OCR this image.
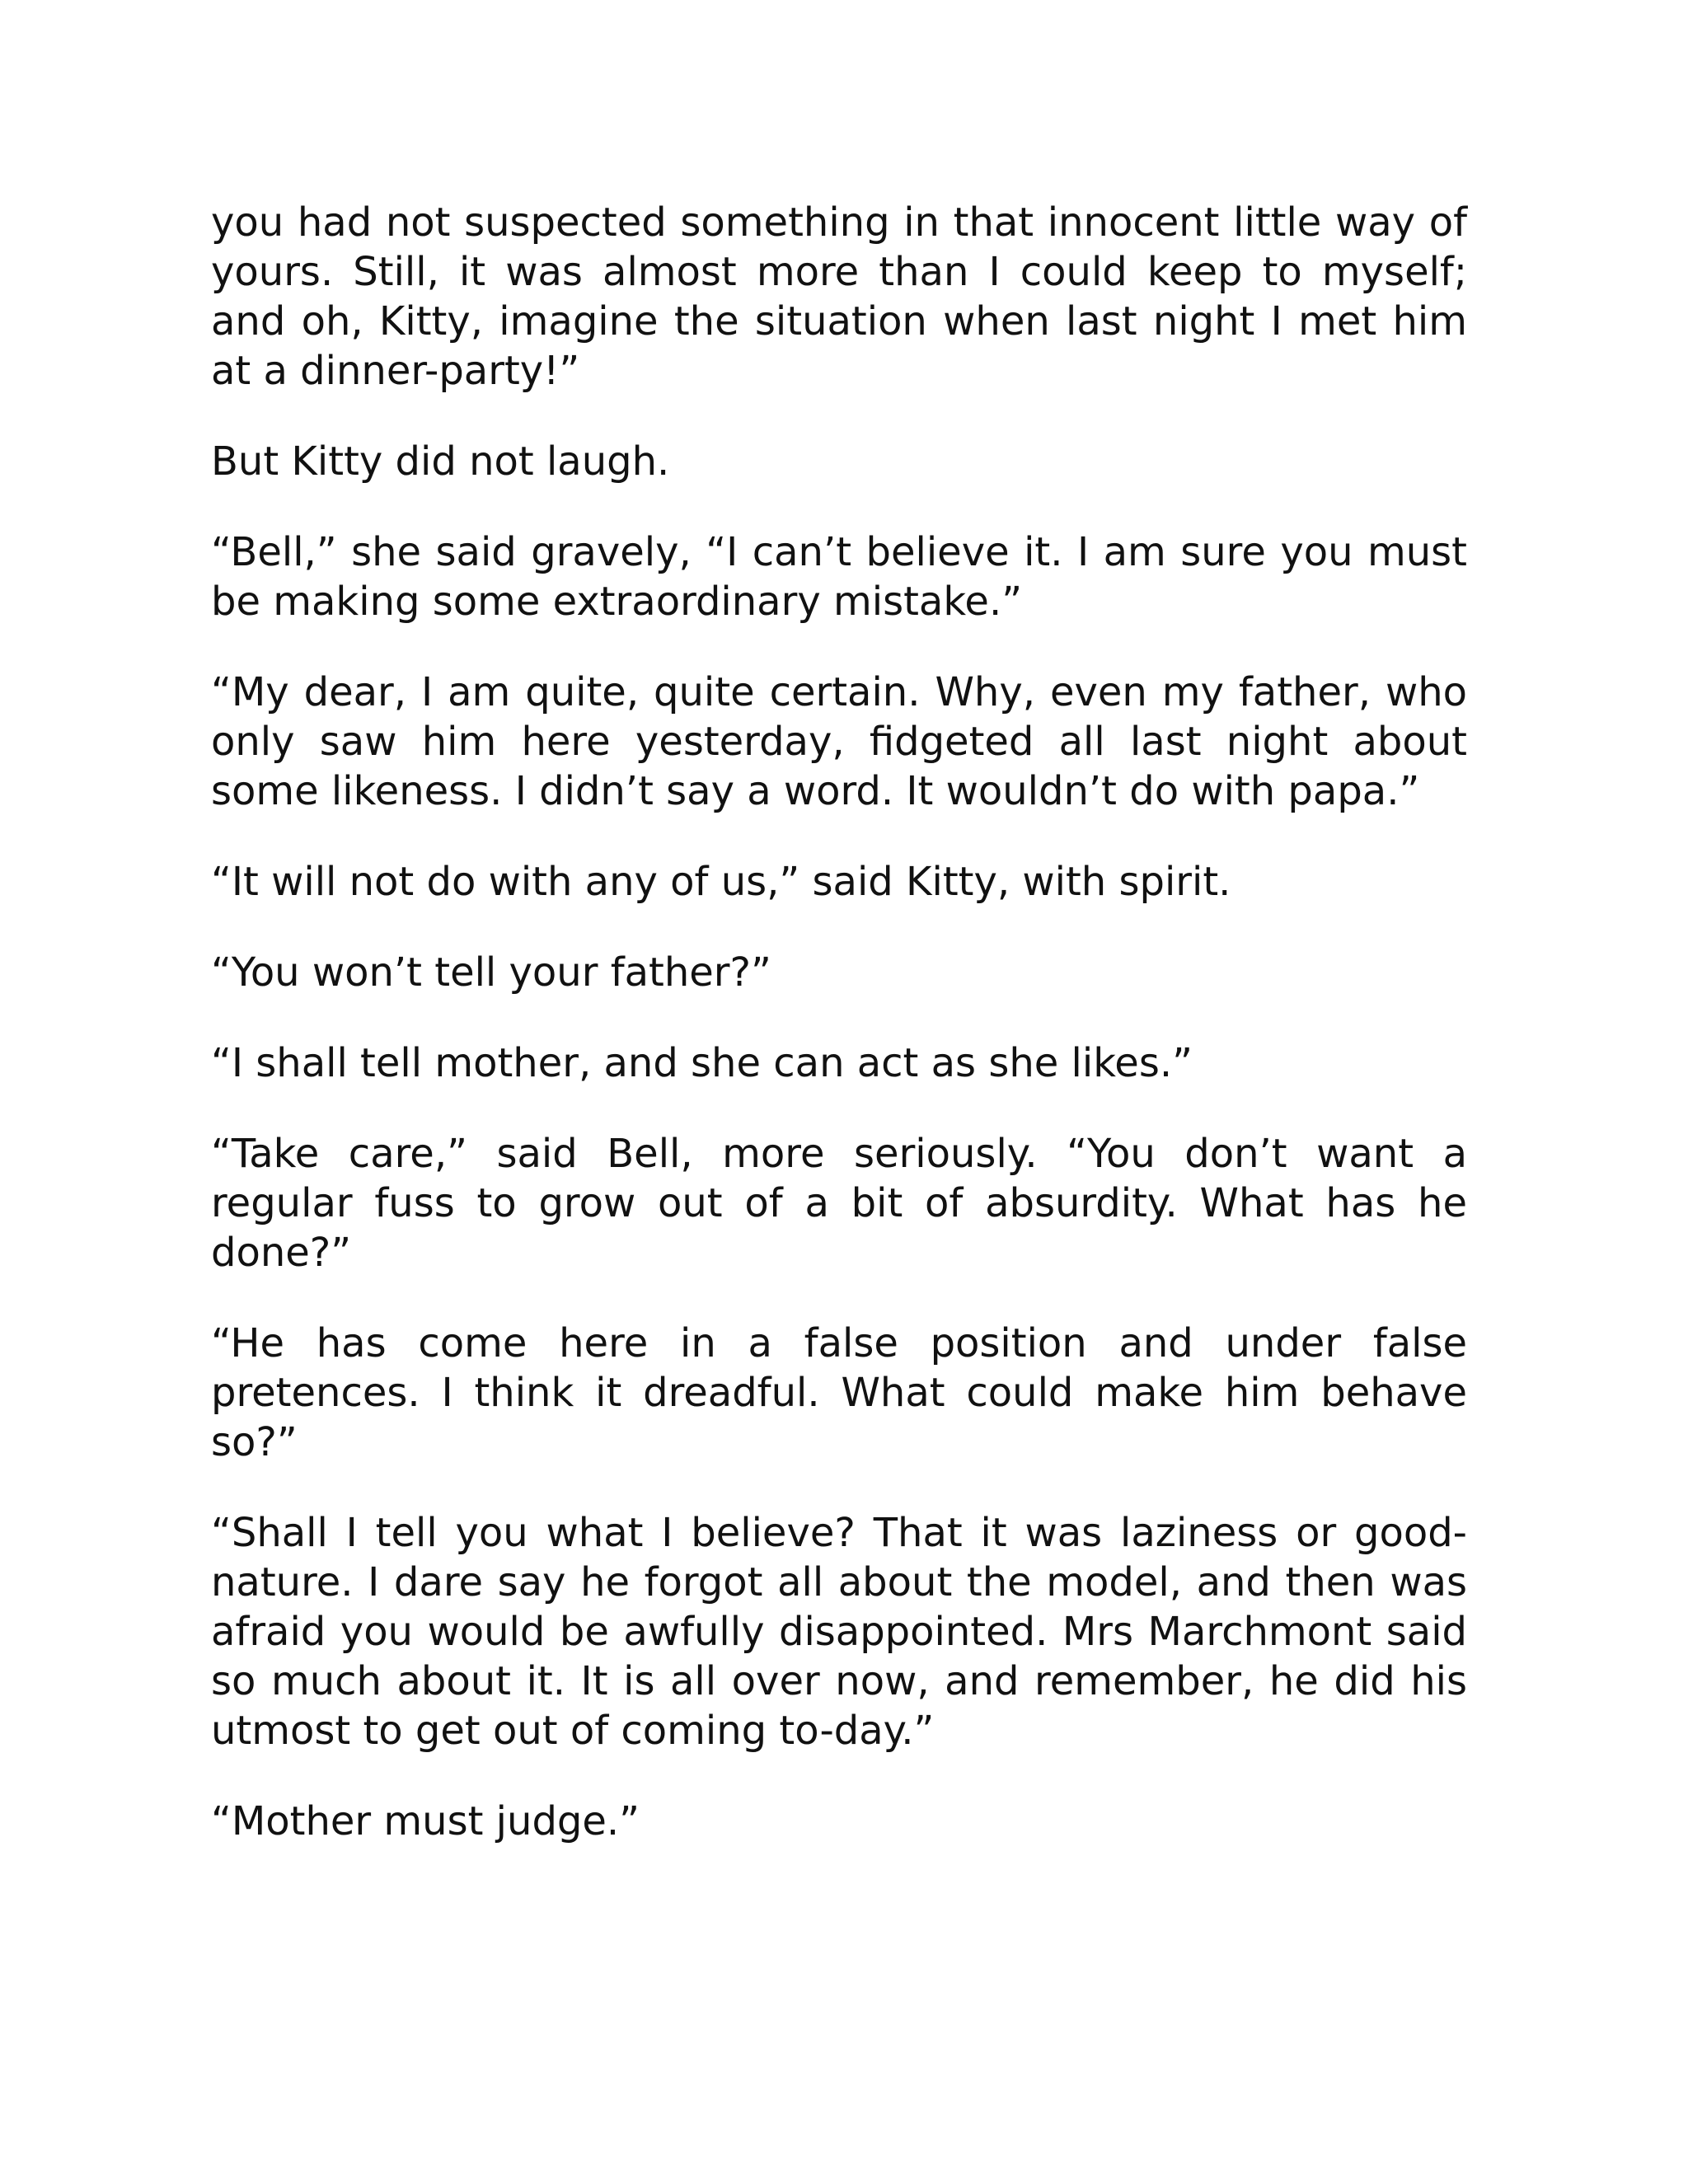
you had not suspected something in that innocent little way of yours. Still, it was almost more than I could keep to myself; and oh, Kitty, imagine the situation when last night I met him at a dinner-party!”

But Kitty did not laugh.

“Bell,” she said gravely, “I can’t believe it. I am sure you must be making some extraordinary mistake.”

“My dear, I am quite, quite certain. Why, even my father, who only saw him here yesterday, fidgeted all last night about some likeness. I didn’t say a word. It wouldn’t do with papa.”

“It will not do with any of us,” said Kitty, with spirit.

“You won’t tell your father?”

“I shall tell mother, and she can act as she likes.”

“Take care,” said Bell, more seriously. “You don’t want a regular fuss to grow out of a bit of absurdity. What has he done?”

“He has come here in a false position and under false pretences. I think it dreadful. What could make him behave so?”

“Shall I tell you what I believe? That it was laziness or good-nature. I dare say he forgot all about the model, and then was afraid you would be awfully disappointed. Mrs Marchmont said so much about it. It is all over now, and remember, he did his utmost to get out of coming to-day.”

“Mother must judge.”
